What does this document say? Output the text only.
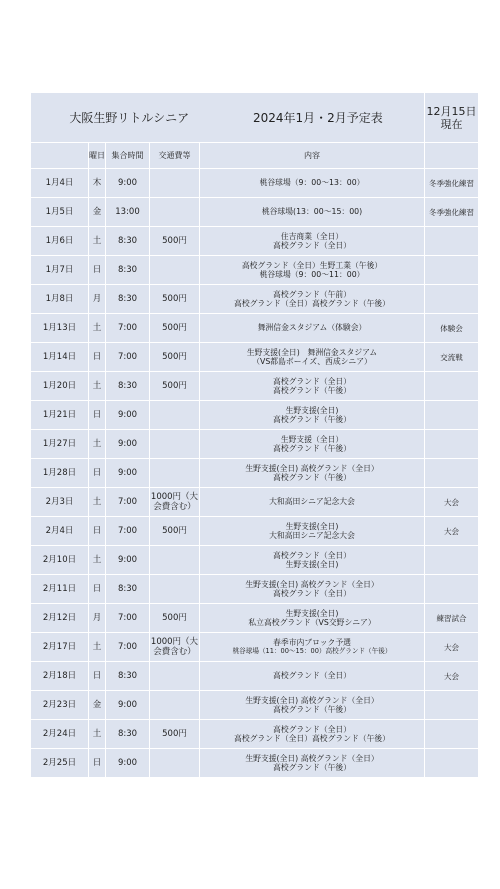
大阪生野リトルシニア 2024年1月・2月予定表					12月15日
現在

	曜日	集合時間	交通費等	内容	
1月4日	木	9:00		桃谷球場（9：00〜13：00）	冬季強化練習
1月5日	金	13:00		桃谷球場(13：00〜15：00)	冬季強化練習
1月6日	土	8:30	500円	住吉商業（全日）
高校グランド（全日）	

1月7日	日	8:30		高校グランド（全日）生野工業（午後）
桃谷球場（9：00〜11：00）	

1月8日	月	8:30	500円	高校グランド（午前）
高校グランド（全日）高校グランド（午後）	

1月13日	土	7:00	500円	舞洲信金スタジアム（体験会）	体験会
1月14日	日	7:00	500円	生野支援(全日)　舞洲信金スタジアム
（VS都島ボーイズ、西成シニア）	交流戦
1月20日	土	8:30	500円	高校グランド（全日）
高校グランド（午後）	

1月21日	日	9:00		生野支援(全日)
高校グランド（午後）	

1月27日	土	9:00		生野支援（全日）
高校グランド（午後）	

1月28日	日	9:00		生野支援(全日) 高校グランド（全日）
高校グランド（午後）	

2月3日	土	7:00	1000円（大会費含む）	大和高田シニア記念大会	大会
2月4日	日	7:00	500円	生野支援(全日)
大和高田シニア記念大会	大会
2月10日	土	9:00		高校グランド（全日）
生野支援(全日)	

2月11日	日	8:30		生野支援(全日) 高校グランド（全日）
高校グランド（全日）	

2月12日	月	7:00	500円	生野支援(全日)
私立高校グランド（VS交野シニア）	練習試合
2月17日	土	7:00	1000円（大会費含む）	春季市内ブロック予選
桃谷球場（11：00〜15：00）高校グランド（午後）	大会
2月18日	日	8:30		高校グランド（全日）	大会
2月23日	金	9:00		生野支援(全日) 高校グランド（全日）
高校グランド（午後）	

2月24日	土	8:30	500円	高校グランド（全日）
高校グランド（全日）高校グランド（午後）	

2月25日	日	9:00		生野支援(全日) 高校グランド（全日）
高校グランド（午後）	
